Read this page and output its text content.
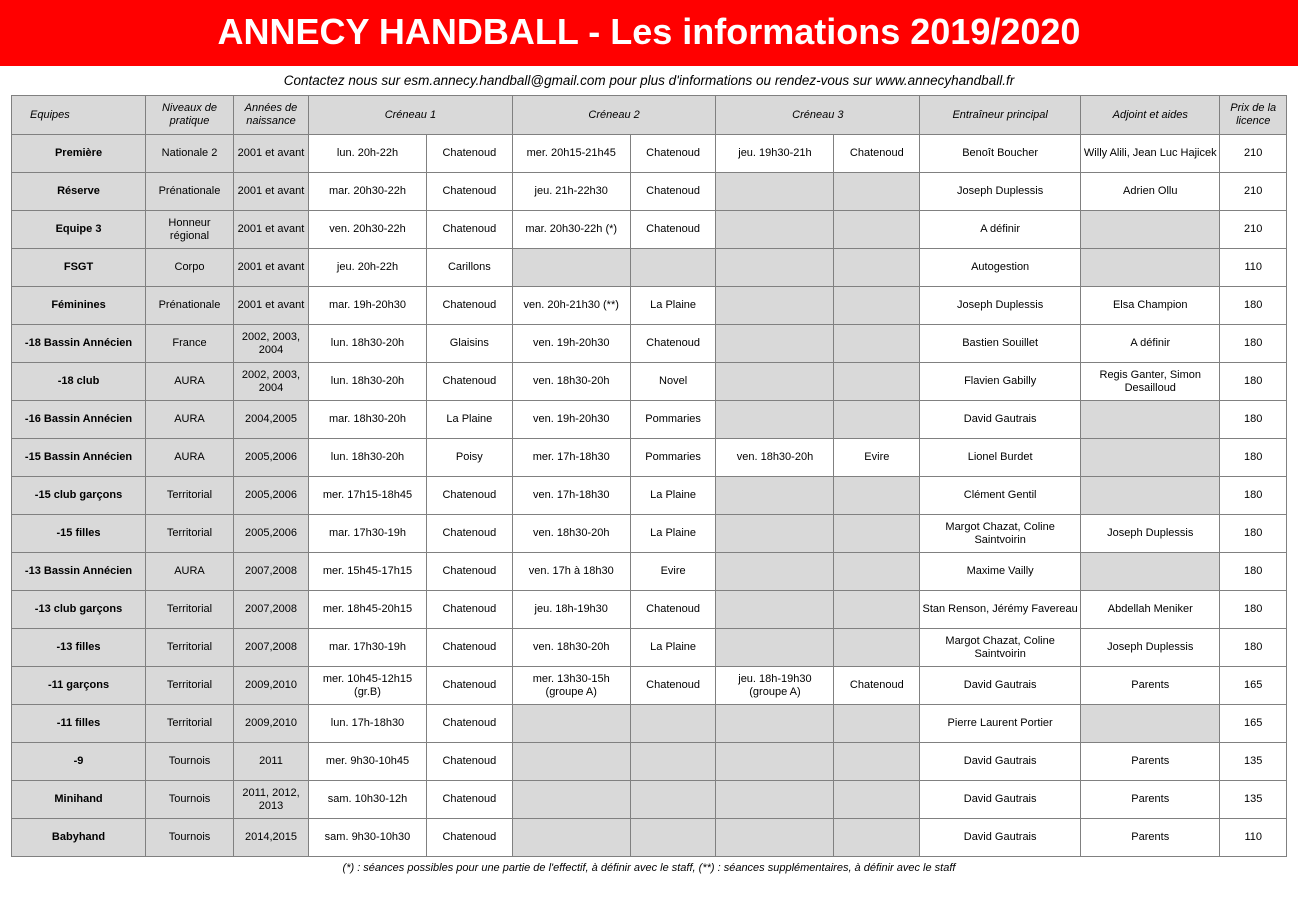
ANNECY HANDBALL - Les informations 2019/2020
Contactez nous sur esm.annecy.handball@gmail.com pour plus d'informations ou rendez-vous sur www.annecyhandball.fr
Equipes	Niveaux de pratique	Années de naissance	Créneau 1		Créneau 2		Créneau 3		Entraîneur principal	Adjoint et aides	Prix de la licence
Première	Nationale 2	2001 et avant	lun. 20h-22h	Chatenoud	mer. 20h15-21h45	Chatenoud	jeu. 19h30-21h	Chatenoud	Benoît Boucher	Willy Alili, Jean Luc Hajicek	210
Réserve	Prénationale	2001 et avant	mar. 20h30-22h	Chatenoud	jeu. 21h-22h30	Chatenoud			Joseph Duplessis	Adrien Ollu	210
Equipe 3	Honneur régional	2001 et avant	ven. 20h30-22h	Chatenoud	mar. 20h30-22h (*)	Chatenoud			A définir		210
FSGT	Corpo	2001 et avant	jeu. 20h-22h	Carillons					Autogestion		110
Féminines	Prénationale	2001 et avant	mar. 19h-20h30	Chatenoud	ven. 20h-21h30 (**)	La Plaine			Joseph Duplessis	Elsa Champion	180
-18 Bassin Annécien	France	2002, 2003, 2004	lun. 18h30-20h	Glaisins	ven. 19h-20h30	Chatenoud			Bastien Souillet	A définir	180
-18 club	AURA	2002, 2003, 2004	lun. 18h30-20h	Chatenoud	ven. 18h30-20h	Novel			Flavien Gabilly	Regis Ganter, Simon Desailloud	180
-16 Bassin Annécien	AURA	2004,2005	mar. 18h30-20h	La Plaine	ven. 19h-20h30	Pommaries			David Gautrais		180
-15 Bassin Annécien	AURA	2005,2006	lun. 18h30-20h	Poisy	mer. 17h-18h30	Pommaries	ven. 18h30-20h	Evire	Lionel Burdet		180
-15 club garçons	Territorial	2005,2006	mer. 17h15-18h45	Chatenoud	ven. 17h-18h30	La Plaine			Clément Gentil		180
-15 filles	Territorial	2005,2006	mar. 17h30-19h	Chatenoud	ven. 18h30-20h	La Plaine			Margot Chazat, Coline Saintvoirin	Joseph Duplessis	180
-13 Bassin Annécien	AURA	2007,2008	mer. 15h45-17h15	Chatenoud	ven. 17h à 18h30	Evire			Maxime Vailly		180
-13 club garçons	Territorial	2007,2008	mer. 18h45-20h15	Chatenoud	jeu. 18h-19h30	Chatenoud			Stan Renson, Jérémy Favereau	Abdellah Meniker	180
-13 filles	Territorial	2007,2008	mar. 17h30-19h	Chatenoud	ven. 18h30-20h	La Plaine			Margot Chazat, Coline Saintvoirin	Joseph Duplessis	180
-11 garçons	Territorial	2009,2010	mer. 10h45-12h15 (gr.B)	Chatenoud	mer. 13h30-15h (groupe A)	Chatenoud	jeu. 18h-19h30 (groupe A)	Chatenoud	David Gautrais	Parents	165
-11 filles	Territorial	2009,2010	lun. 17h-18h30	Chatenoud					Pierre Laurent Portier		165
-9	Tournois	2011	mer. 9h30-10h45	Chatenoud					David Gautrais	Parents	135
Minihand	Tournois	2011, 2012, 2013	sam. 10h30-12h	Chatenoud					David Gautrais	Parents	135
Babyhand	Tournois	2014,2015	sam. 9h30-10h30	Chatenoud					David Gautrais	Parents	110
(*) : séances possibles pour une partie de l'effectif, à définir avec le staff, (**) : séances supplémentaires, à définir avec le staff
